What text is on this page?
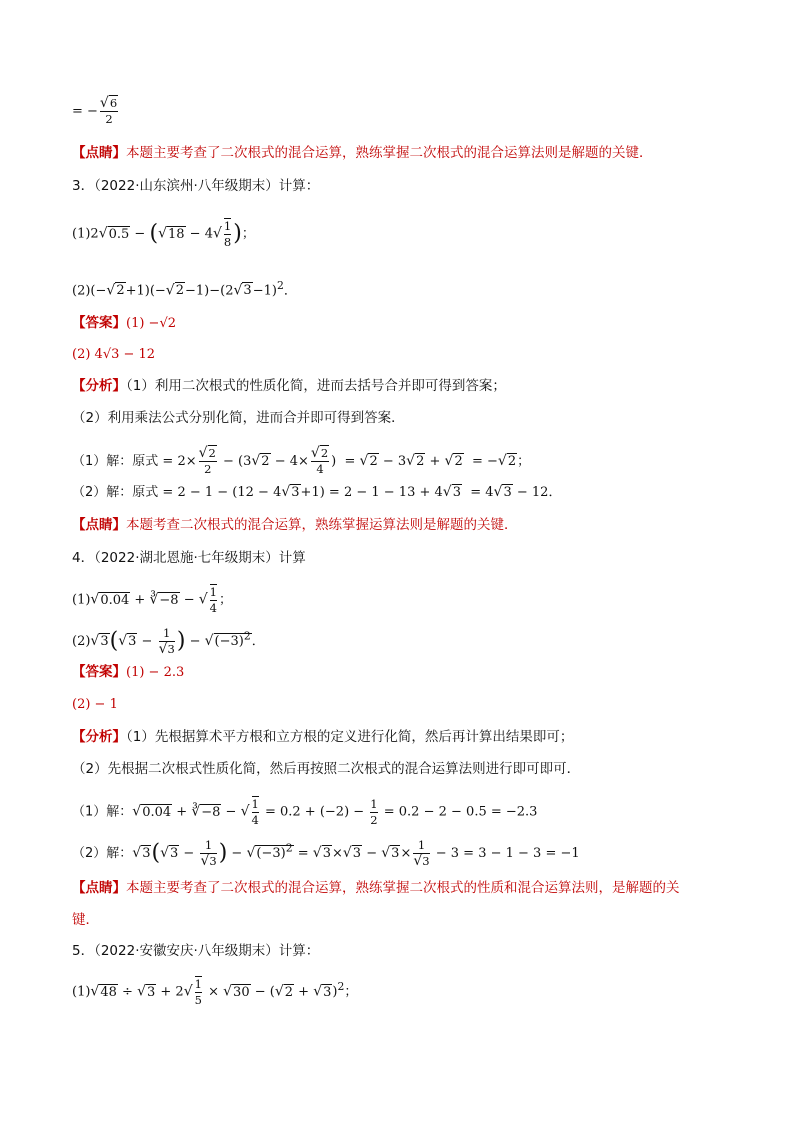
= − $\frac{√6}{2}$
【点睛】本题主要考查了二次根式的混合运算，熟练掌握二次根式的混合运算法则是解题的关键．
3．（2022·山东滨州·八年级期末）计算：
$(1)2√0.5 - (√18 - 4√ \frac{1}{8}$ )；
$(2)(-√2+1)(-√2-1)-(2√3-1)^2$．
【答案】(1) −√2
(2) 4√3 − 12
【分析】（1）利用二次根式的性质化简，进而去括号合并即可得到答案；
（2）利用乘法公式分别化简，进而合并即可得到答案．
（1）解：原式 = $2\times \frac{√2}{2} - (3√2 - 4\times \frac{√2}{4}$ )  = √2 − 3√2 + √2  = −√2；
（2）解：原式 = 2 − 1 − (12 − 4√3+1) = 2 − 1 − 13 + 4√3  = 4√3 − 12．
【点睛】本题考查二次根式的混合运算，熟练掌握运算法则是解题的关键．
4．（2022·湖北恩施·七年级期末）计算
(1)√0.04 + ∛−8 − √ $\frac{1}{4}$ ；
$(2)√3(√3 - \frac{1}{√3}$ ) − $√(-3)^2$．
【答案】(1) − 2.3
(2) − 1
【分析】（1）先根据算术平方根和立方根的定义进行化简，然后再计算出结果即可；
（2）先根据二次根式性质化简，然后再按照二次根式的混合运算法则进行即可即可．
（1）解：√0.04 + ∛−8 − √ $\frac{1}{4} = 0.2 + (-2) - \frac{1}{2} = 0.2 - 2 - 0.5 = -2.3$
（2）解：$√3(√3 - \frac{1}{√3}$ ) − $√(-3)^2 = √3\times√3 - √3\times \frac{1}{√3} - 3 = 3 - 1 - 3 = -1$
【点睛】本题主要考查了二次根式的混合运算，熟练掌握二次根式的性质和混合运算法则，是解题的关
键．
5．（2022·安徽安庆·八年级期末）计算：
$(1)√48 \div √3 + 2√ \frac{1}{5} \times √30 - (√2 + √3)^2$；
